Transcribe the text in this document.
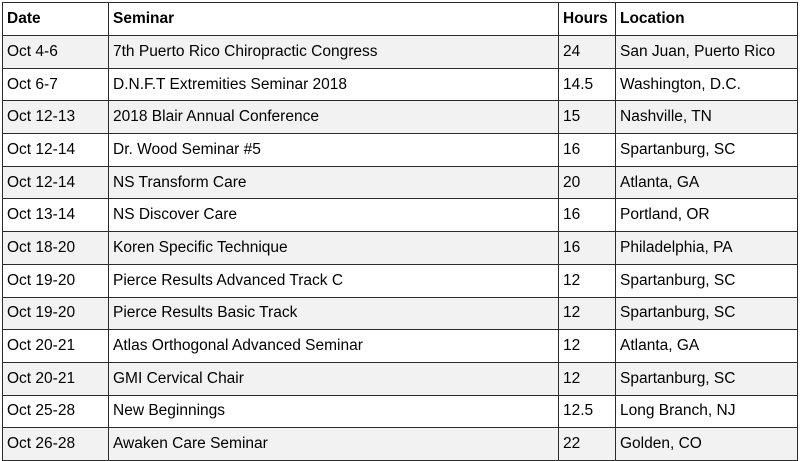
Date	Seminar	Hours	Location
Oct 4-6	7th Puerto Rico Chiropractic Congress	24	San Juan, Puerto Rico
Oct 6-7	D.N.F.T Extremities Seminar 2018	14.5	Washington, D.C.
Oct 12-13	2018 Blair Annual Conference	15	Nashville, TN
Oct 12-14	Dr. Wood Seminar #5	16	Spartanburg, SC
Oct 12-14	NS Transform Care	20	Atlanta, GA
Oct 13-14	NS Discover Care	16	Portland, OR
Oct 18-20	Koren Specific Technique	16	Philadelphia, PA
Oct 19-20	Pierce Results Advanced Track C	12	Spartanburg, SC
Oct 19-20	Pierce Results Basic Track	12	Spartanburg, SC
Oct 20-21	Atlas Orthogonal Advanced Seminar	12	Atlanta, GA
Oct 20-21	GMI Cervical Chair	12	Spartanburg, SC
Oct 25-28	New Beginnings	12.5	Long Branch, NJ
Oct 26-28	Awaken Care Seminar	22	Golden, CO
